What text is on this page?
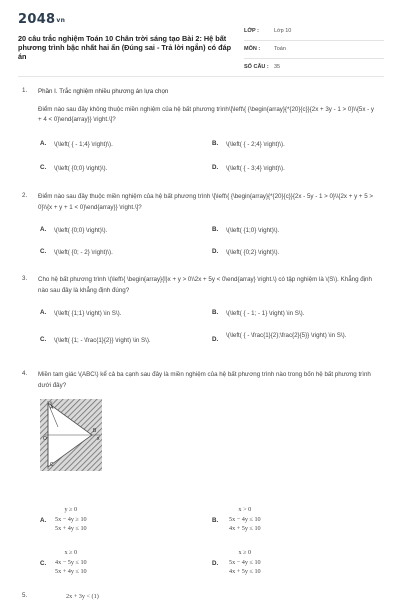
2048vn
20 câu trắc nghiệm Toán 10 Chân trời sáng tạo Bài 2: Hệ bất phương trình bậc nhất hai ẩn (Đúng sai - Trả lời ngắn) có đáp án
LỚP :	Lớp 10
MÔN :	Toán
SỐ CÂU : 35
1. Phần I. Trắc nghiệm nhiều phương án lựa chọn
Điểm nào sau đây không thuộc miền nghiệm của hệ bất phương trình\[\left\{ {\begin{array}{*{20}{c}}{2x + 3y - 1 > 0}\\{5x - y + 4 < 0}\end{array}} \right.\]?
A. \(\left( { - 1;4} \right)\).	B. \(\left( { - 2;4} \right)\).
C. \(\left( {0;0} \right)\).	D. \(\left( { - 3;4} \right)\).
2. Điểm nào sau đây thuộc miền nghiệm của hệ bất phương trình \[\left\{ {\begin{array}{*{20}{c}}{2x - 5y - 1 > 0}\\{2x + y + 5 > 0}\\{x + y + 1 < 0}\end{array}} \right.\]?
A. \(\left( {0;0} \right)\).	B. \(\left( {1;0} \right)\).
C. \(\left( {0; - 2} \right)\).	D. \(\left( {0;2} \right)\).
3. Cho hệ bất phương trình \(\left\{ \begin{array}{l}x + y > 0\\2x + 5y < 0\end{array} \right.\) có tập nghiệm là \(S\). Khẳng định nào sau đây là khẳng định đúng?
A. \(\left( {1;1} \right) \in S\).	B. \(\left( { - 1; - 1} \right) \in S\).
C. \(\left( {1; - \frac{1}{2}} \right) \in S\).	D.
\(\left( { - \frac{1}{2};\frac{2}{5}} \right) \in S\).
4. Miền tam giác \(ABC\) kể cả ba cạnh sau đây là miền nghiệm của hệ bất phương trình nào trong bốn hệ bất phương trình dưới đây?
A
B
C
O	x
y
A.
y ≥ 0
5x − 4y ≥ 10
5x + 4y ≤ 10
B.
x > 0
5x − 4y ≤ 10
4x + 5y ≤ 10
C.
x ≥ 0
4x − 5y ≤ 10
5x + 4y ≤ 10
D.
x ≥ 0
5x − 4y ≤ 10
4x + 5y ≤ 10
5.	2x + 3y < (1)
